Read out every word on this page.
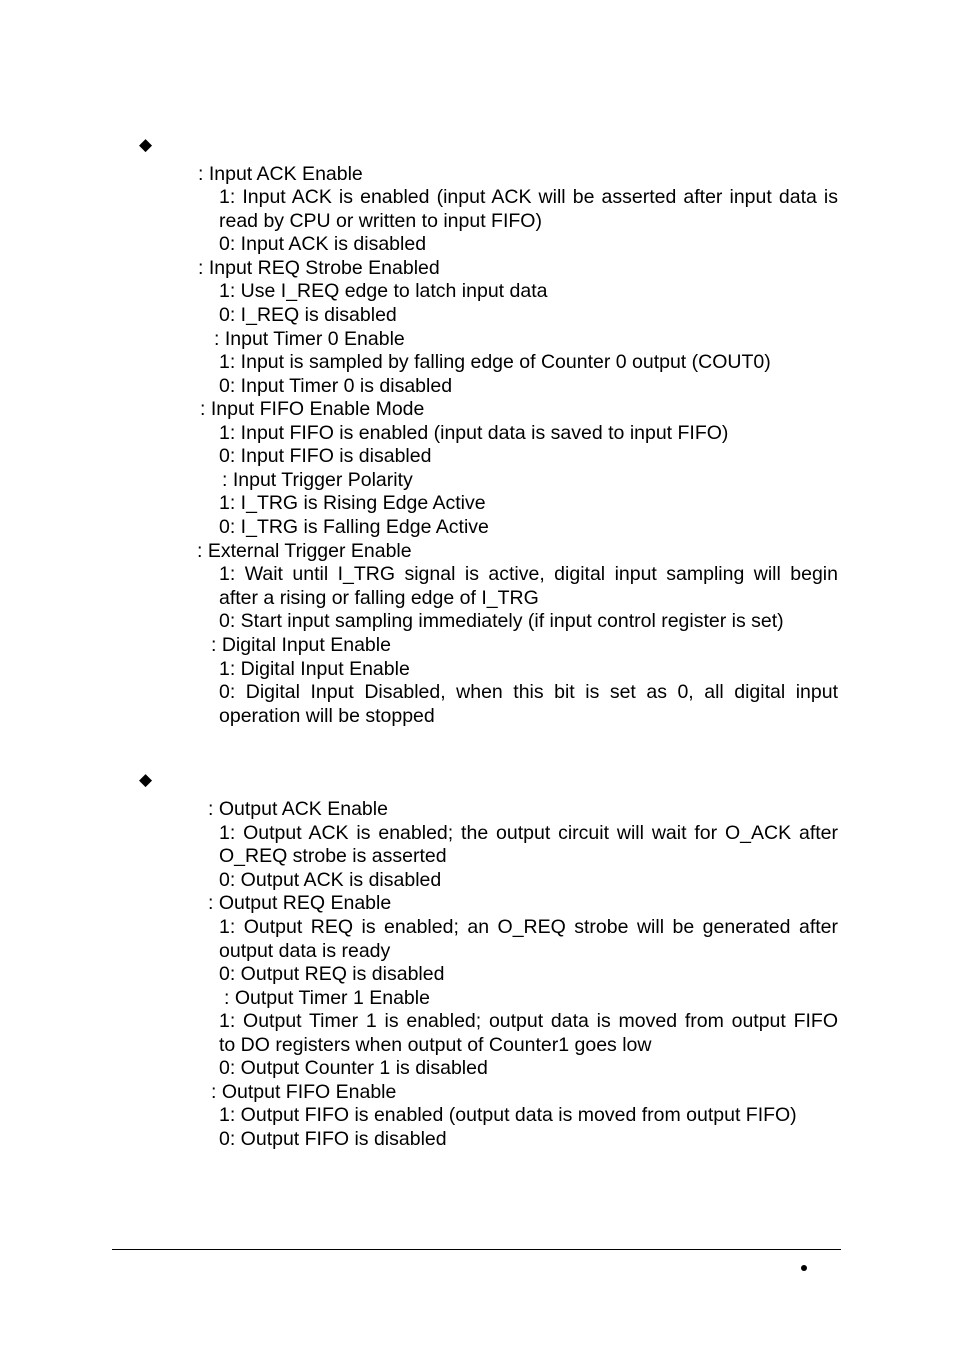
◆
: Input ACK Enable
1: Input ACK is enabled (input ACK will be asserted after input data is
read by CPU or written to input FIFO)
0: Input ACK is disabled
: Input REQ Strobe Enabled
1: Use I_REQ edge to latch input data
0: I_REQ is disabled
: Input Timer 0 Enable
1: Input is sampled by falling edge of Counter 0 output (COUT0)
0: Input Timer 0 is disabled
: Input FIFO Enable Mode
1: Input FIFO is enabled (input data is saved to input FIFO)
0: Input FIFO is disabled
: Input Trigger Polarity
1: I_TRG is Rising Edge Active
0: I_TRG is Falling Edge Active
: External Trigger Enable
1: Wait until I_TRG signal is active, digital input sampling will begin
after a rising or falling edge of I_TRG
0: Start input sampling immediately (if input control register is set)
: Digital Input Enable
1: Digital Input Enable
0: Digital Input Disabled, when this bit is set as 0, all digital input
operation will be stopped
◆
: Output ACK Enable
1: Output ACK is enabled; the output circuit will wait for O_ACK after
O_REQ strobe is asserted
0: Output ACK is disabled
: Output REQ Enable
1: Output REQ is enabled; an O_REQ strobe will be generated after
output data is ready
0: Output REQ is disabled
: Output Timer 1 Enable
1: Output Timer 1 is enabled; output data is moved from output FIFO
to DO registers when output of Counter1 goes low
0: Output Counter 1 is disabled
: Output FIFO Enable
1: Output FIFO is enabled (output data is moved from output FIFO)
0: Output FIFO is disabled
